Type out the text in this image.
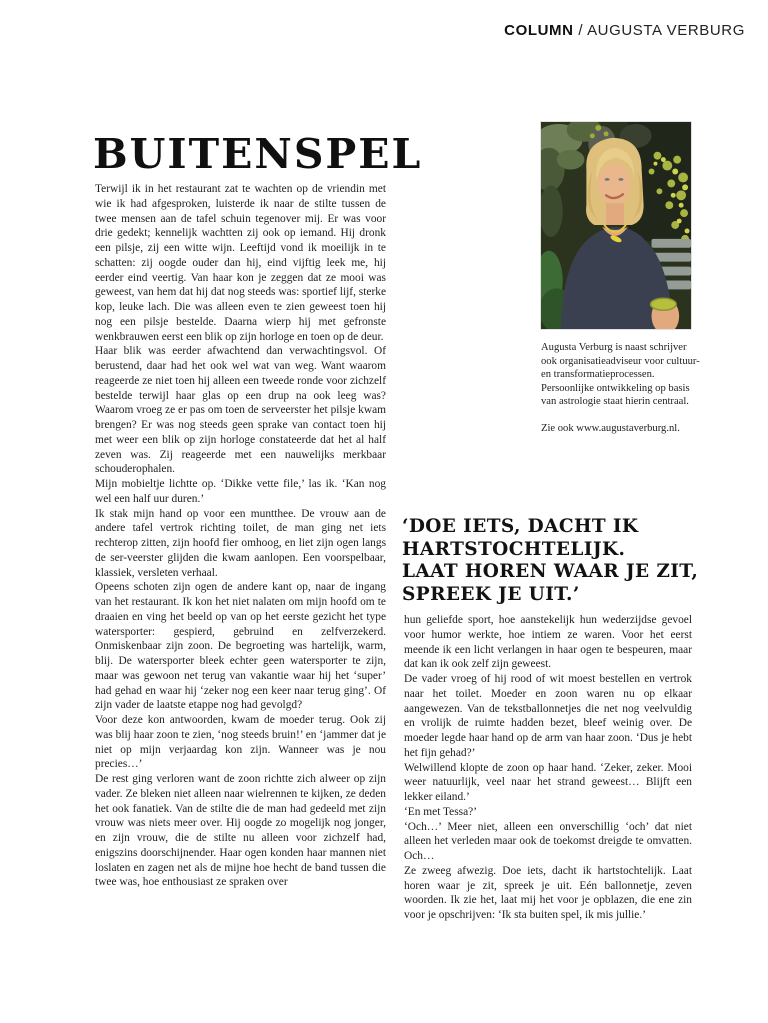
COLUMN / AUGUSTA VERBURG
BUITENSPEL

Terwijl ik in het restaurant zat te wachten op de vriendin met wie ik had afgesproken, luisterde ik naar de stilte tussen de twee mensen aan de tafel schuin tegenover mij. Er was voor drie gedekt; kennelijk wachtten zij ook op iemand. Hij dronk een pilsje, zij een witte wijn. Leeftijd vond ik moeilijk in te schatten: zij oogde ouder dan hij, eind vijftig leek me, hij eerder eind veertig. Van haar kon je zeggen dat ze mooi was geweest, van hem dat hij dat nog steeds was: sportief lijf, sterke kop, leuke lach. Die was alleen even te zien geweest toen hij nog een pilsje bestelde. Daarna wierp hij met gefronste wenkbrauwen eerst een blik op zijn horloge en toen op de deur.

Haar blik was eerder afwachtend dan verwachtingsvol. Of berustend, daar had het ook wel wat van weg. Want waarom reageerde ze niet toen hij alleen een tweede ronde voor zichzelf bestelde terwijl haar glas op een drup na ook leeg was? Waarom vroeg ze er pas om toen de serveerster het pilsje kwam brengen? Er was nog steeds geen sprake van contact toen hij met weer een blik op zijn horloge constateerde dat het al half zeven was. Zij reageerde met een nauwelijks merkbaar schouderophalen.

Mijn mobieltje lichtte op. ‘Dikke vette file,’ las ik. ‘Kan nog wel een half uur duren.’

Ik stak mijn hand op voor een muntthee. De vrouw aan de andere tafel vertrok richting toilet, de man ging net iets rechterop zitten, zijn hoofd fier omhoog, en liet zijn ogen langs de ser-veerster glijden die kwam aanlopen. Een voorspelbaar, klassiek, versleten verhaal.

Opeens schoten zijn ogen de andere kant op, naar de ingang van het restaurant. Ik kon het niet nalaten om mijn hoofd om te draaien en ving het beeld op van op het eerste gezicht het type watersporter: gespierd, gebruind en zelfverzekerd. Onmiskenbaar zijn zoon. De begroeting was hartelijk, warm, blij. De watersporter bleek echter geen watersporter te zijn, maar was gewoon net terug van vakantie waar hij het ‘super’ had gehad en waar hij ‘zeker nog een keer naar terug ging’. Of zijn vader de laatste etappe nog had gevolgd?

Voor deze kon antwoorden, kwam de moeder terug. Ook zij was blij haar zoon te zien, ‘nog steeds bruin!’ en ‘jammer dat je niet op mijn verjaardag kon zijn. Wanneer was je nou precies…’

De rest ging verloren want de zoon richtte zich alweer op zijn vader. Ze bleken niet alleen naar wielrennen te kijken, ze deden het ook fanatiek. Van de stilte die de man had gedeeld met zijn vrouw was niets meer over. Hij oogde zo mogelijk nog jonger, en zijn vrouw, die de stilte nu alleen voor zichzelf had, enigszins doorschijnender. Haar ogen konden haar mannen niet loslaten en zagen net als de mijne hoe hecht de band tussen die twee was, hoe enthousiast ze spraken over

Augusta Verburg is naast schrijver ook organisatieadviseur voor cultuur- en transformatieprocessen. Persoonlijke ontwikkeling op basis van astrologie staat hierin centraal.
Zie ook www.augustaverburg.nl.
‘DOE IETS, DACHT IK
HARTSTOCHTELIJK.
LAAT HOREN WAAR JE ZIT,
SPREEK JE UIT.’

hun geliefde sport, hoe aanstekelijk hun wederzijdse gevoel voor humor werkte, hoe intiem ze waren. Voor het eerst meende ik een licht verlangen in haar ogen te bespeuren, maar dat kan ik ook zelf zijn geweest.

De vader vroeg of hij rood of wit moest bestellen en vertrok naar het toilet. Moeder en zoon waren nu op elkaar aangewezen. Van de tekstballonnetjes die net nog veelvuldig en vrolijk de ruimte hadden bezet, bleef weinig over. De moeder legde haar hand op de arm van haar zoon. ‘Dus je hebt het fijn gehad?’

Welwillend klopte de zoon op haar hand. ‘Zeker, zeker. Mooi weer natuurlijk, veel naar het strand geweest… Blijft een lekker eiland.’

‘En met Tessa?’

‘Och…’ Meer niet, alleen een onverschillig ‘och’ dat niet alleen het verleden maar ook de toekomst dreigde te omvatten. Och…

Ze zweeg afwezig. Doe iets, dacht ik hartstochtelijk. Laat horen waar je zit, spreek je uit. Eén ballonnetje, zeven woorden. Ik zie het, laat mij het voor je opblazen, die ene zin voor je opschrijven: ‘Ik sta buiten spel, ik mis jullie.’
